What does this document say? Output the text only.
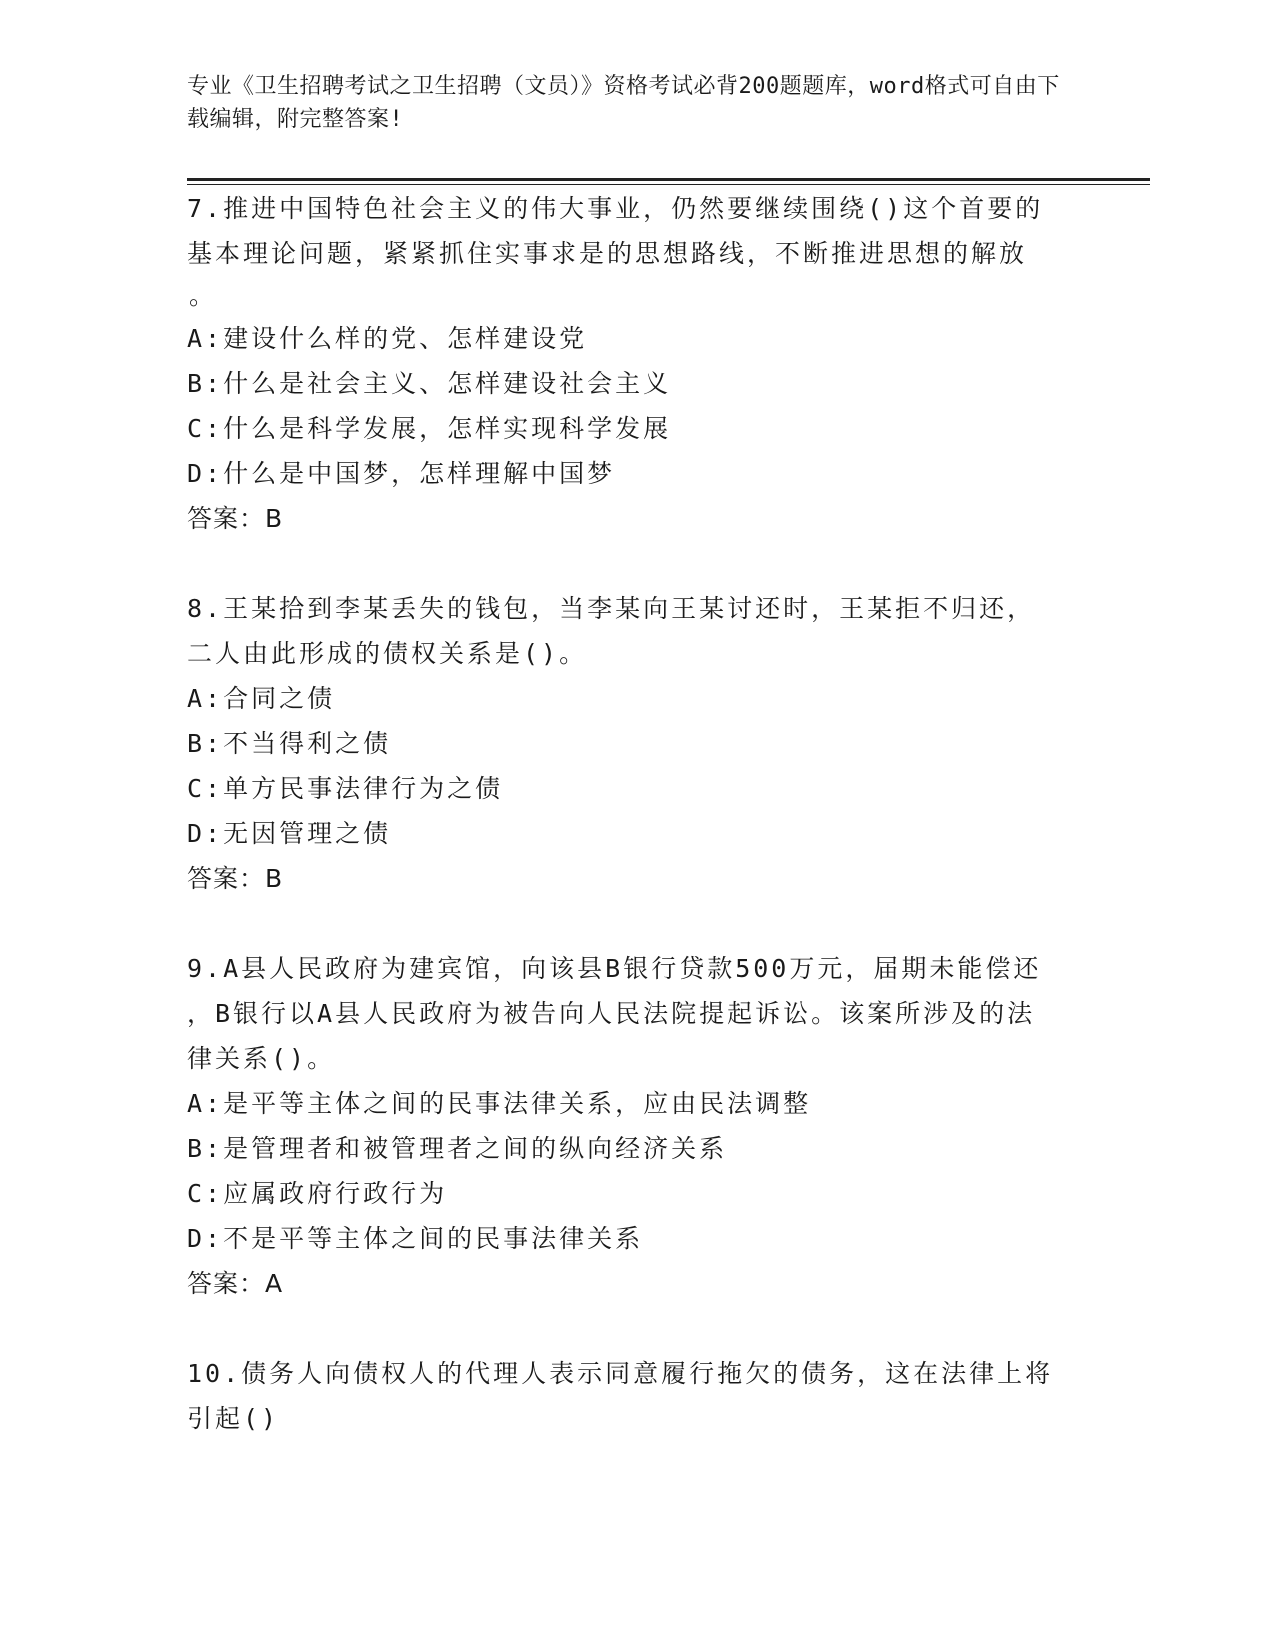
专业《卫生招聘考试之卫生招聘（文员）》资格考试必背200题题库，word格式可自由下载编辑，附完整答案!

7.推进中国特色社会主义的伟大事业，仍然要继续围绕()这个首要的

基本理论问题，紧紧抓住实事求是的思想路线，不断推进思想的解放

。

A:建设什么样的党、怎样建设党

B:什么是社会主义、怎样建设社会主义

C:什么是科学发展，怎样实现科学发展

D:什么是中国梦，怎样理解中国梦

答案：B

8.王某拾到李某丢失的钱包，当李某向王某讨还时，王某拒不归还，

二人由此形成的债权关系是()。

A:合同之债

B:不当得利之债

C:单方民事法律行为之债

D:无因管理之债

答案：B

9.A县人民政府为建宾馆，向该县B银行贷款500万元，届期未能偿还

，B银行以A县人民政府为被告向人民法院提起诉讼。该案所涉及的法

律关系()。

A:是平等主体之间的民事法律关系，应由民法调整

B:是管理者和被管理者之间的纵向经济关系

C:应属政府行政行为

D:不是平等主体之间的民事法律关系

答案：A

10.债务人向债权人的代理人表示同意履行拖欠的债务，这在法律上将

引起()
